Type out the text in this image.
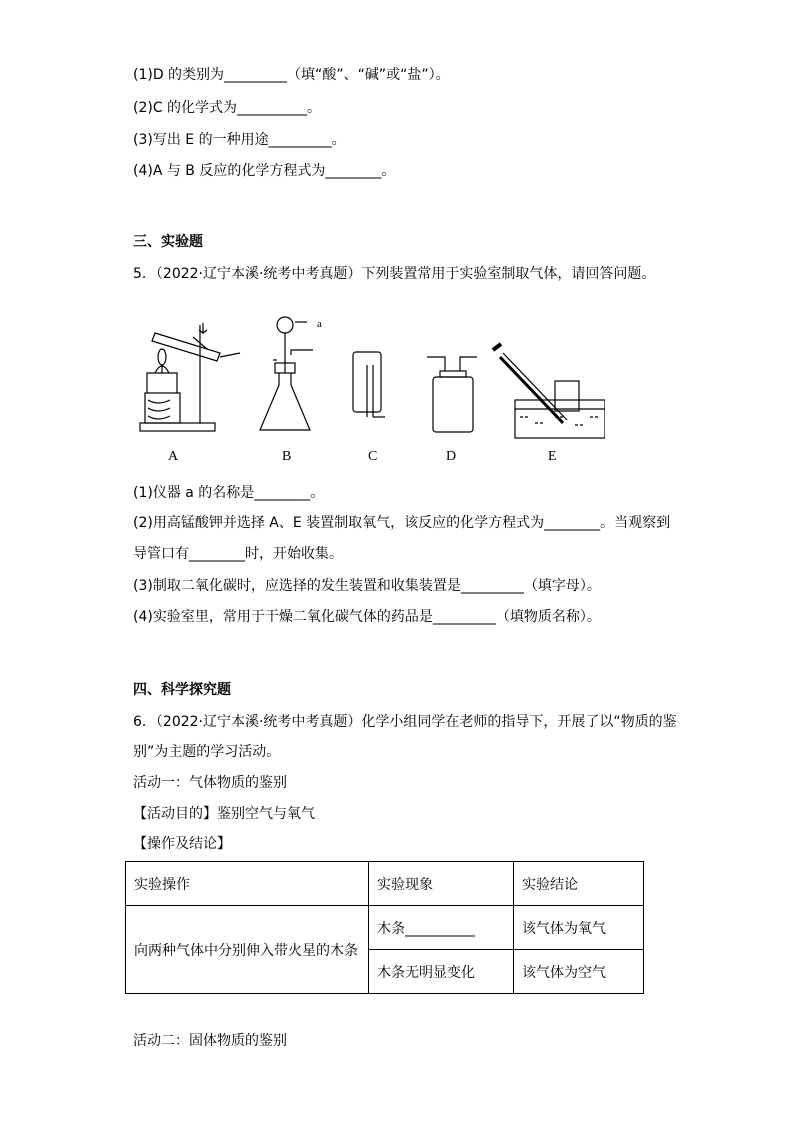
(1)D 的类别为_________（填“酸”、“碱”或“盐”）。
(2)C 的化学式为__________。
(3)写出 E 的一种用途_________。
(4)A 与 B 反应的化学方程式为________。
三、实验题
5．（2022·辽宁本溪·统考中考真题）下列装置常用于实验室制取气体，请回答问题。
a
A	B	C	D	E
(1)仪器 a 的名称是________。
(2)用高锰酸钾并选择 A、E 装置制取氧气，该反应的化学方程式为________。当观察到
导管口有________时，开始收集。
(3)制取二氧化碳时，应选择的发生装置和收集装置是_________（填字母）。
(4)实验室里，常用于干燥二氧化碳气体的药品是_________（填物质名称）。
四、科学探究题
6．（2022·辽宁本溪·统考中考真题）化学小组同学在老师的指导下，开展了以“物质的鉴
别”为主题的学习活动。
活动一：气体物质的鉴别
【活动目的】鉴别空气与氧气
【操作及结论】
实验操作	实验现象	实验结论
向两种气体中分别伸入带火星的木条	木条__________	该气体为氧气
	木条无明显变化	该气体为空气
活动二：固体物质的鉴别
